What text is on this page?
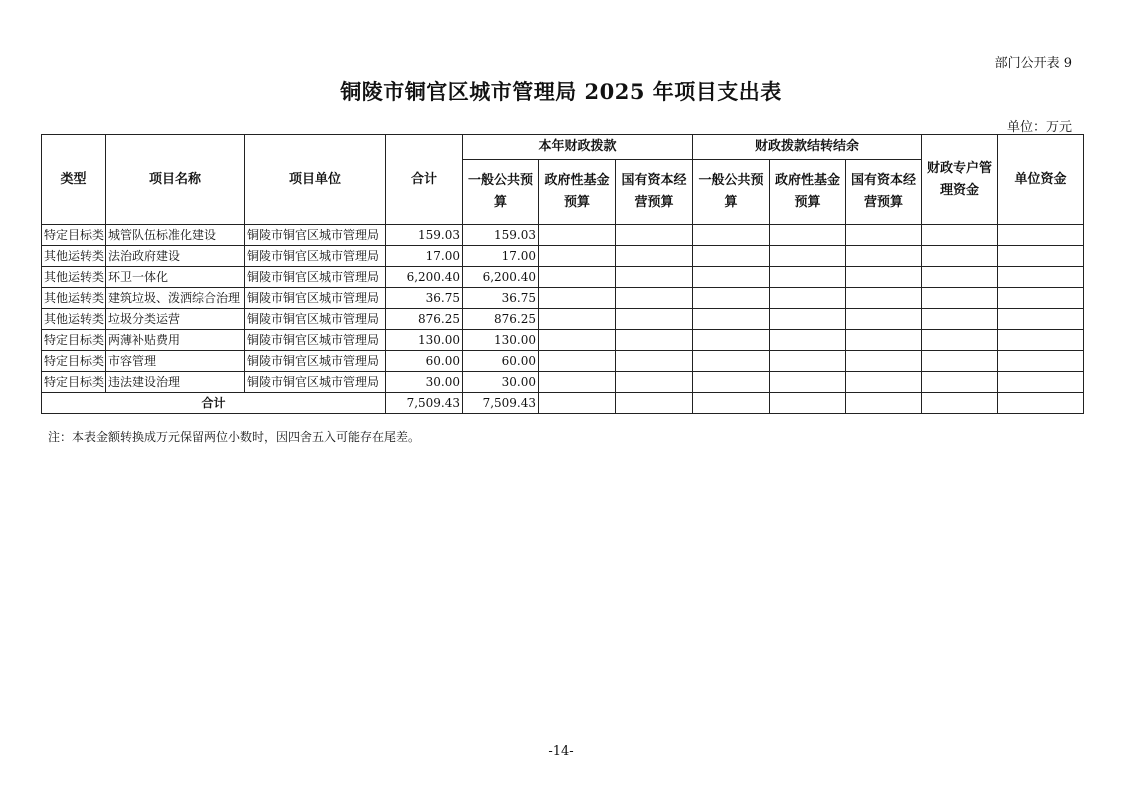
部门公开表 9
铜陵市铜官区城市管理局 2025 年项目支出表
单位：万元
类型	项目名称	项目单位	合计	本年财政拨款			财政拨款结转结余			财政专户管理资金	单位资金	
				一般公共预算	政府性基金预算	国有资本经营预算	一般公共预算	政府性基金预算	国有资本经营预算			
特定目标类	城管队伍标准化建设	铜陵市铜官区城市管理局	159.03	159.03								
其他运转类	法治政府建设	铜陵市铜官区城市管理局	17.00	17.00								
其他运转类	环卫一体化	铜陵市铜官区城市管理局	6,200.40	6,200.40								
其他运转类	建筑垃圾、泼洒综合治理	铜陵市铜官区城市管理局	36.75	36.75								
其他运转类	垃圾分类运营	铜陵市铜官区城市管理局	876.25	876.25								
特定目标类	两薄补贴费用	铜陵市铜官区城市管理局	130.00	130.00								
特定目标类	市容管理	铜陵市铜官区城市管理局	60.00	60.00								
特定目标类	违法建设治理	铜陵市铜官区城市管理局	30.00	30.00								
合计			7,509.43	7,509.43								
注：本表金额转换成万元保留两位小数时，因四舍五入可能存在尾差。
-14-
